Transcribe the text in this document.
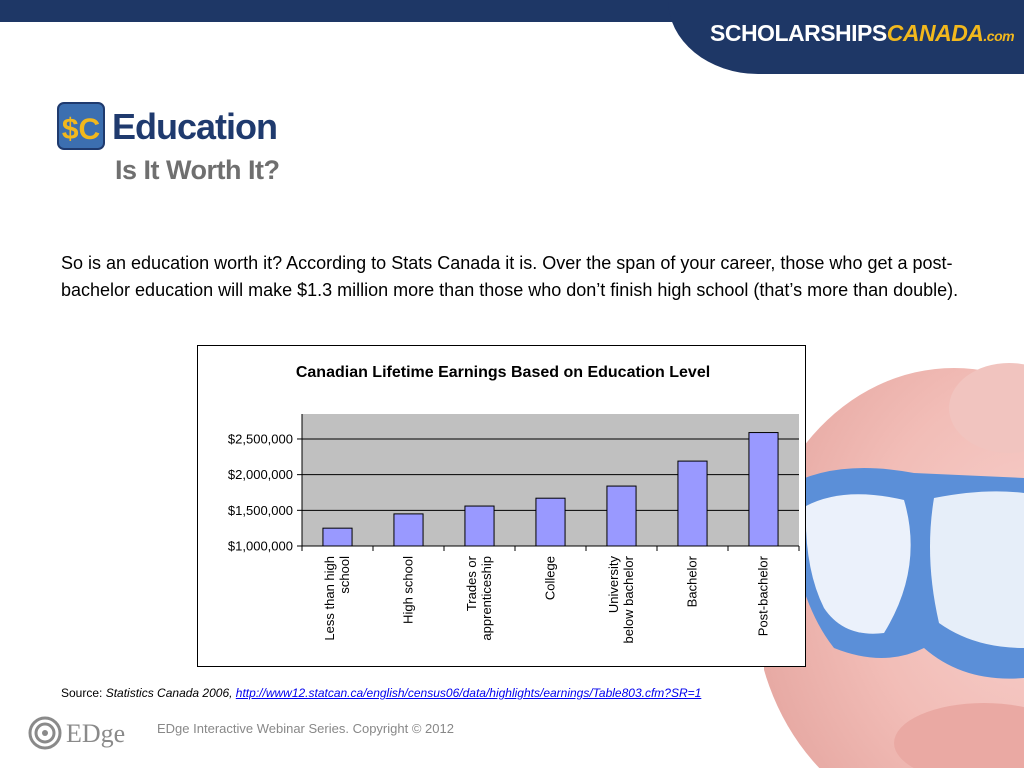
SCHOLARSHIPSCANADA.com
$C Education
Is It Worth It?

So is an education worth it? According to Stats Canada it is. Over the span of your career, those who get a post-bachelor education will make $1.3 million more than those who don’t finish high school (that’s more than double).

Canadian Lifetime Earnings Based on Education Level
$1,000,000
$1,500,000
$2,000,000
$2,500,000
Less than high school	High school	Trades or apprenticeship	College	University below bachelor	Bachelor	Post-bachelor
Source: Statistics Canada 2006, http://www12.statcan.ca/english/census06/data/highlights/earnings/Table803.cfm?SR=1
EDge EDge Interactive Webinar Series. Copyright © 2012
